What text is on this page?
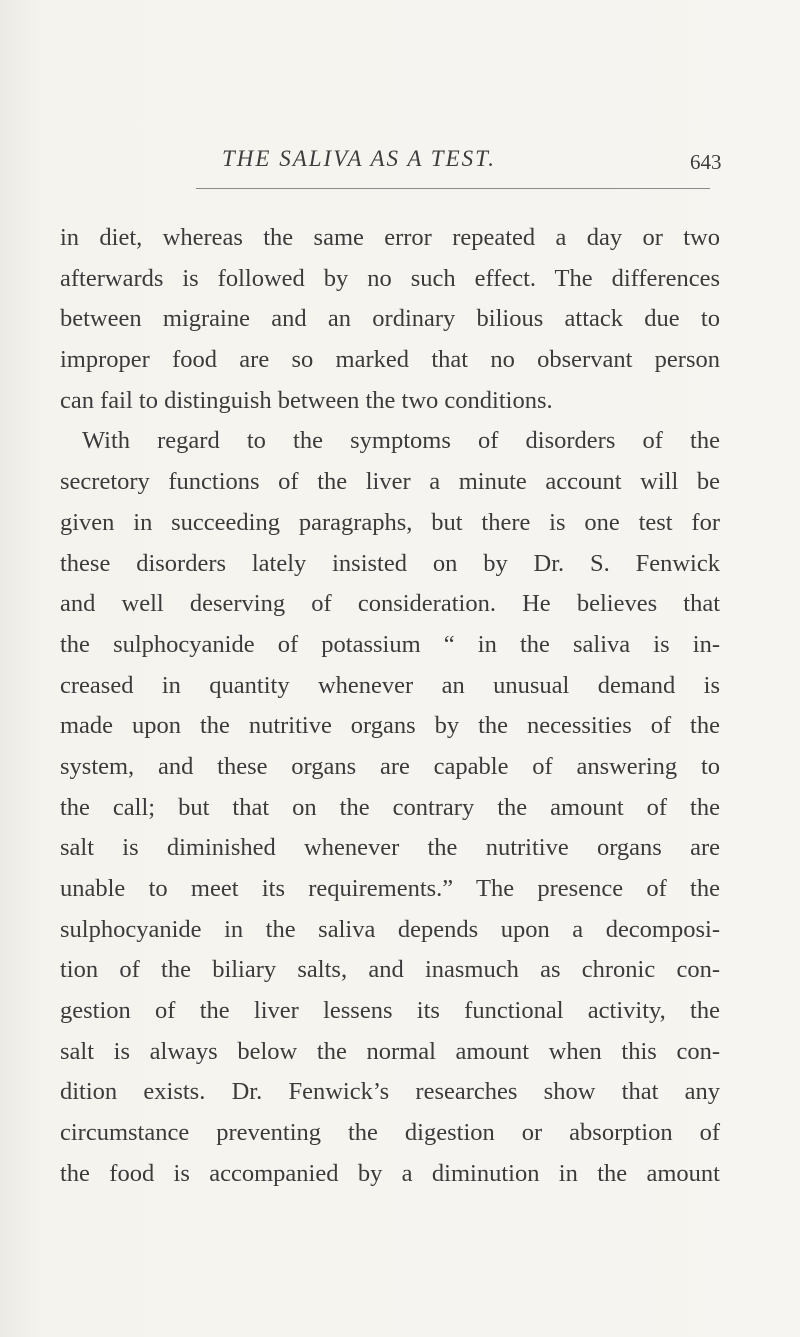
THE SALIVA AS A TEST.	643
in diet, whereas the same error repeated a day or two
afterwards is followed by no such effect. The differences
between migraine and an ordinary bilious attack due to
improper food are so marked that no observant person
can fail to distinguish between the two conditions.
With regard to the symptoms of disorders of the
secretory functions of the liver a minute account will be
given in succeeding paragraphs, but there is one test for
these disorders lately insisted on by Dr. S. Fenwick
and well deserving of consideration. He believes that
the sulphocyanide of potassium “ in the saliva is in-
creased in quantity whenever an unusual demand is
made upon the nutritive organs by the necessities of the
system, and these organs are capable of answering to
the call; but that on the contrary the amount of the
salt is diminished whenever the nutritive organs are
unable to meet its requirements.” The presence of the
sulphocyanide in the saliva depends upon a decomposi-
tion of the biliary salts, and inasmuch as chronic con-
gestion of the liver lessens its functional activity, the
salt is always below the normal amount when this con-
dition exists. Dr. Fenwick’s researches show that any
circumstance preventing the digestion or absorption of
the food is accompanied by a diminution in the amount
